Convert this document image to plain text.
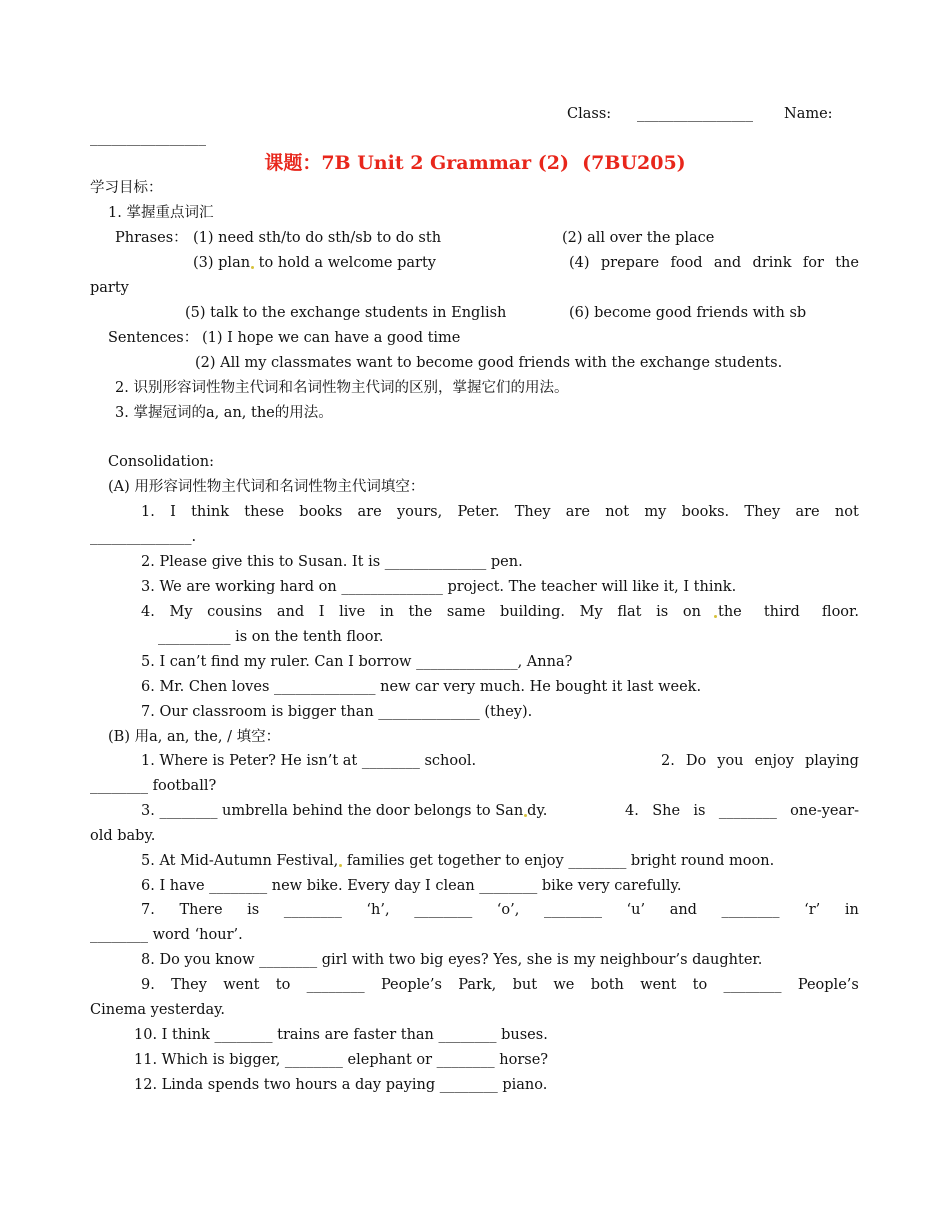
Class: ________________ Name:
________________
课题：7B Unit 2 Grammar (2)  (7BU205)
学习目标：
1. 掌握重点词汇
Phrases： (1) need sth/to do sth/sb to do sth	(2) all over the place
(3) plan to hold a welcome party	(4) prepare food and drink for the
party
(5) talk to the exchange students in English	(6) become good friends with sb
Sentences： (1) I hope we can have a good time
(2) All my classmates want to become good friends with the exchange students.
2. 识别形容词性物主代词和名词性物主代词的区别，掌握它们的用法。
3. 掌握冠词的a, an, the的用法。
Consolidation:
(A) 用形容词性物主代词和名词性物主代词填空：
1. I think these books are yours, Peter. They are not my books. They are not
______________.
2. Please give this to Susan. It is ______________ pen.
3. We are working hard on ______________ project. The teacher will like it, I think.
4. My cousins and I live in the same building. My flat is on the third floor.
__________ is on the tenth floor.
5. I can’t find my ruler. Can I borrow ______________, Anna?
6. Mr. Chen loves ______________ new car very much. He bought it last week.
7. Our classroom is bigger than ______________ (they).
(B) 用a, an, the, / 填空：
1. Where is Peter? He isn’t at ________ school.	2. Do you enjoy playing
________ football?
3. ________ umbrella behind the door belongs to San dy.	4. She is ________ one-year-
old baby.
5. At Mid-Autumn Festival, families get together to enjoy ________ bright round moon.
6. I have ________ new bike. Every day I clean ________ bike very carefully.
7. There is ________ ‘h’, ________ ‘o’, ________ ‘u’ and ________ ‘r’ in
________ word ‘hour’.
8. Do you know ________ girl with two big eyes? Yes, she is my neighbour’s daughter.
9. They went to ________ People’s Park, but we both went to ________ People’s
Cinema yesterday.
10. I think ________ trains are faster than ________ buses.
11. Which is bigger, ________ elephant or ________ horse?
12. Linda spends two hours a day paying ________ piano.
